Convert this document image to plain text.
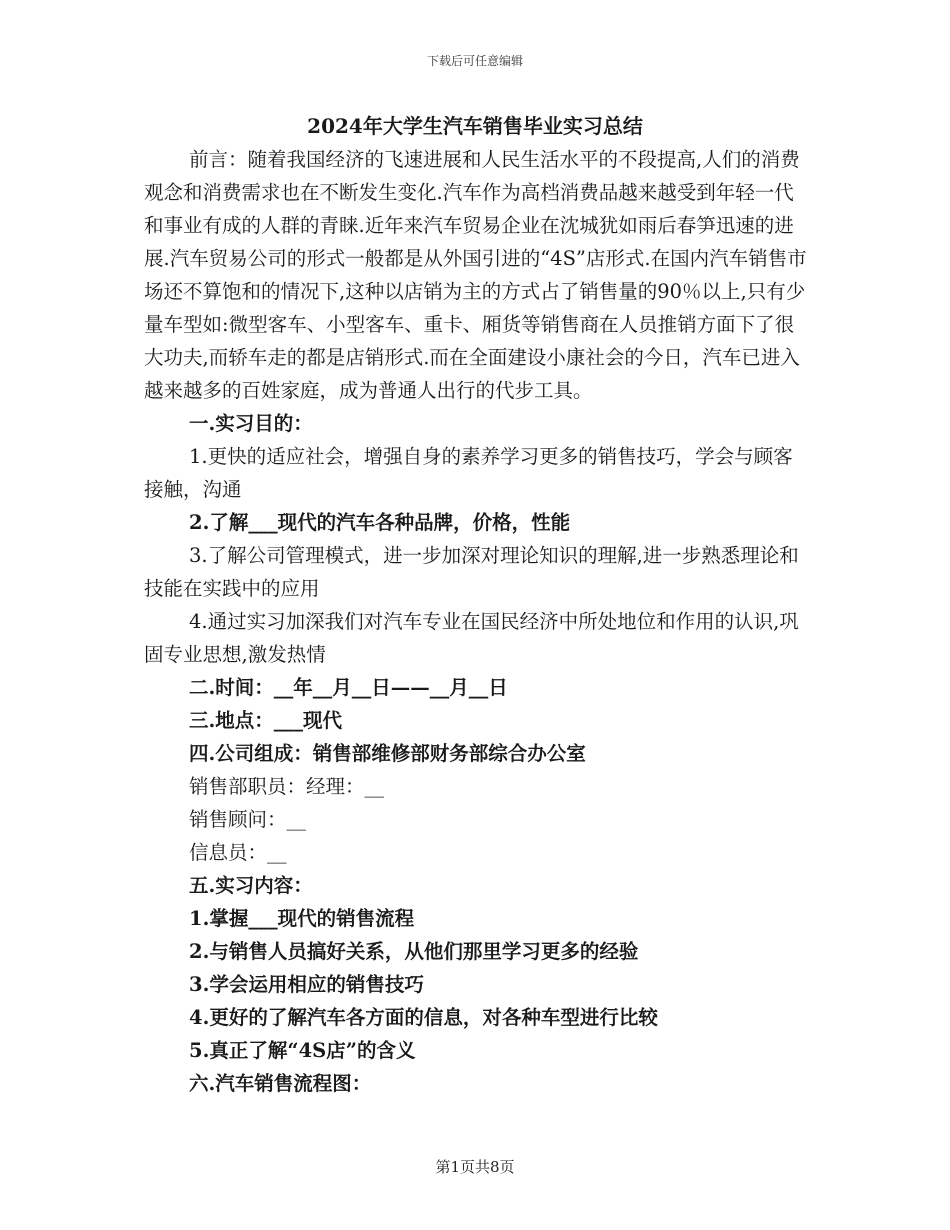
下载后可任意编辑
2024年大学生汽车销售毕业实习总结

前言：随着我国经济的飞速进展和人民生活水平的不段提高,人们的消费观念和消费需求也在不断发生变化.汽车作为高档消费品越来越受到年轻一代和事业有成的人群的青睐.近年来汽车贸易企业在沈城犹如雨后春笋迅速的进展.汽车贸易公司的形式一般都是从外国引进的“4S”店形式.在国内汽车销售市场还不算饱和的情况下,这种以店销为主的方式占了销售量的90％以上,只有少量车型如:微型客车、小型客车、重卡、厢货等销售商在人员推销方面下了很大功夫,而轿车走的都是店销形式.而在全面建设小康社会的今日，汽车已进入越来越多的百姓家庭，成为普通人出行的代步工具。

一.实习目的：

1.更快的适应社会，增强自身的素养学习更多的销售技巧，学会与顾客接触，沟通

2.了解___现代的汽车各种品牌，价格，性能

3.了解公司管理模式，进一步加深对理论知识的理解,进一步熟悉理论和技能在实践中的应用

4.通过实习加深我们对汽车专业在国民经济中所处地位和作用的认识,巩固专业思想,激发热情

二.时间：__年__月__日——__月__日

三.地点：___现代

四.公司组成：销售部维修部财务部综合办公室

销售部职员：经理：__

销售顾问：__

信息员：__

五.实习内容：

1.掌握___现代的销售流程

2.与销售人员搞好关系，从他们那里学习更多的经验

3.学会运用相应的销售技巧

4.更好的了解汽车各方面的信息，对各种车型进行比较

5.真正了解“4S店”的含义

六.汽车销售流程图：

第1页共8页
